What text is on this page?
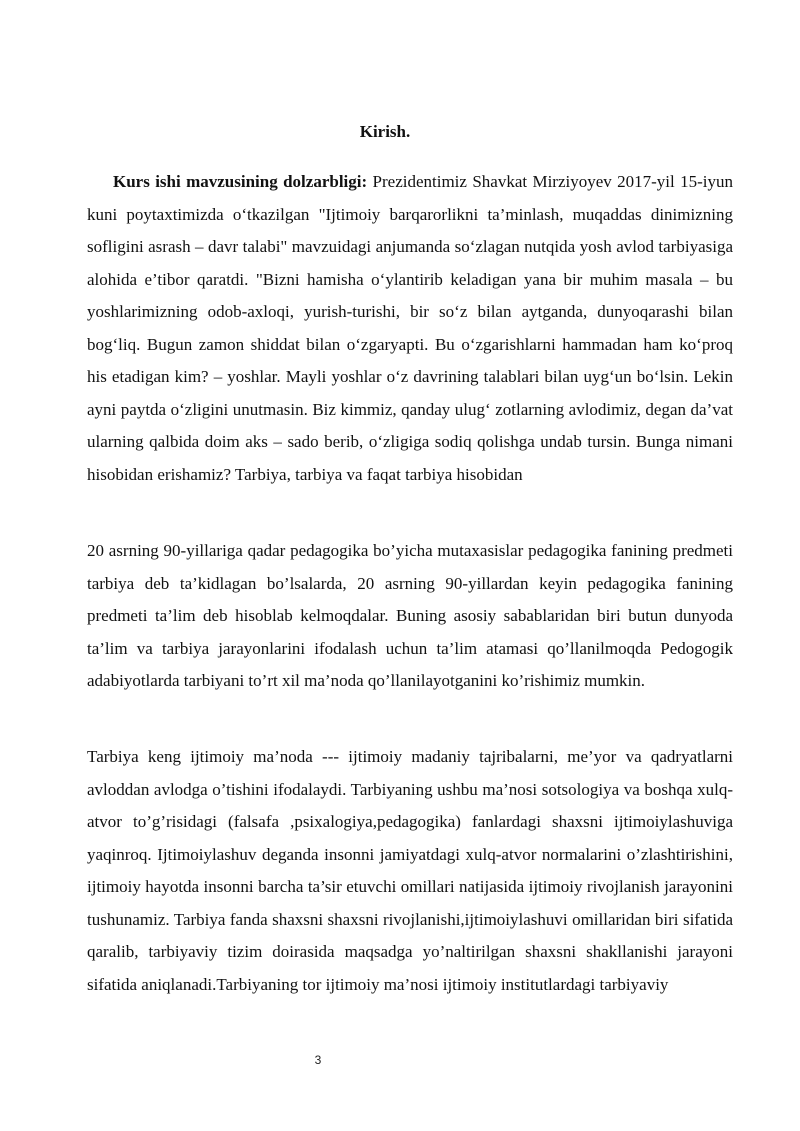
Kirish.

Kurs ishi mavzusining dolzarbligi: Prezidentimiz Shavkat Mirziyoyev 2017-yil 15-iyun kuni poytaxtimizda o‘tkazilgan "Ijtimoiy barqarorlikni ta’minlash, muqaddas dinimizning sofligini asrash – davr talabi" mavzuidagi anjumanda so‘zlagan nutqida yosh avlod tarbiyasiga alohida e’tibor qaratdi. "Bizni hamisha o‘ylantirib keladigan yana bir muhim masala – bu yoshlarimizning odob-axloqi, yurish-turishi, bir so‘z bilan aytganda, dunyoqarashi bilan bog‘liq. Bugun zamon shiddat bilan o‘zgaryapti. Bu o‘zgarishlarni hammadan ham ko‘proq his etadigan kim? – yoshlar. Mayli yoshlar o‘z davrining talablari bilan uyg‘un bo‘lsin. Lekin ayni paytda o‘zligini unutmasin. Biz kimmiz, qanday ulug‘ zotlarning avlodimiz, degan da’vat ularning qalbida doim aks – sado berib, o‘zligiga sodiq qolishga undab tursin. Bunga nimani hisobidan erishamiz? Tarbiya, tarbiya va faqat tarbiya hisobidan

20 asrning 90-yillariga qadar pedagogika bo’yicha mutaxasislar pedagogika fanining predmeti tarbiya deb ta’kidlagan bo’lsalarda, 20 asrning 90-yillardan keyin pedagogika fanining predmeti ta’lim deb hisoblab kelmoqdalar. Buning asosiy sabablaridan biri butun dunyoda ta’lim va tarbiya jarayonlarini ifodalash uchun ta’lim atamasi qo’llanilmoqda Pedogogik adabiyotlarda tarbiyani to’rt xil ma’noda qo’llanilayotganini ko’rishimiz mumkin.

Tarbiya keng ijtimoiy ma’noda --- ijtimoiy madaniy tajribalarni, me’yor va qadryatlarni avloddan avlodga o’tishini ifodalaydi. Tarbiyaning ushbu ma’nosi sotsologiya va boshqa xulq-atvor to’g’risidagi (falsafa ,psixalogiya,pedagogika) fanlardagi shaxsni ijtimoiylashuviga yaqinroq. Ijtimoiylashuv deganda insonni jamiyatdagi xulq-atvor normalarini o’zlashtirishini, ijtimoiy hayotda insonni barcha ta’sir etuvchi omillari natijasida ijtimoiy rivojlanish jarayonini tushunamiz. Tarbiya fanda shaxsni shaxsni rivojlanishi,ijtimoiylashuvi omillaridan biri sifatida qaralib, tarbiyaviy tizim doirasida maqsadga yo’naltirilgan shaxsni shakllanishi jarayoni sifatida aniqlanadi.Tarbiyaning tor ijtimoiy ma’nosi ijtimoiy institutlardagi tarbiyaviy

3
